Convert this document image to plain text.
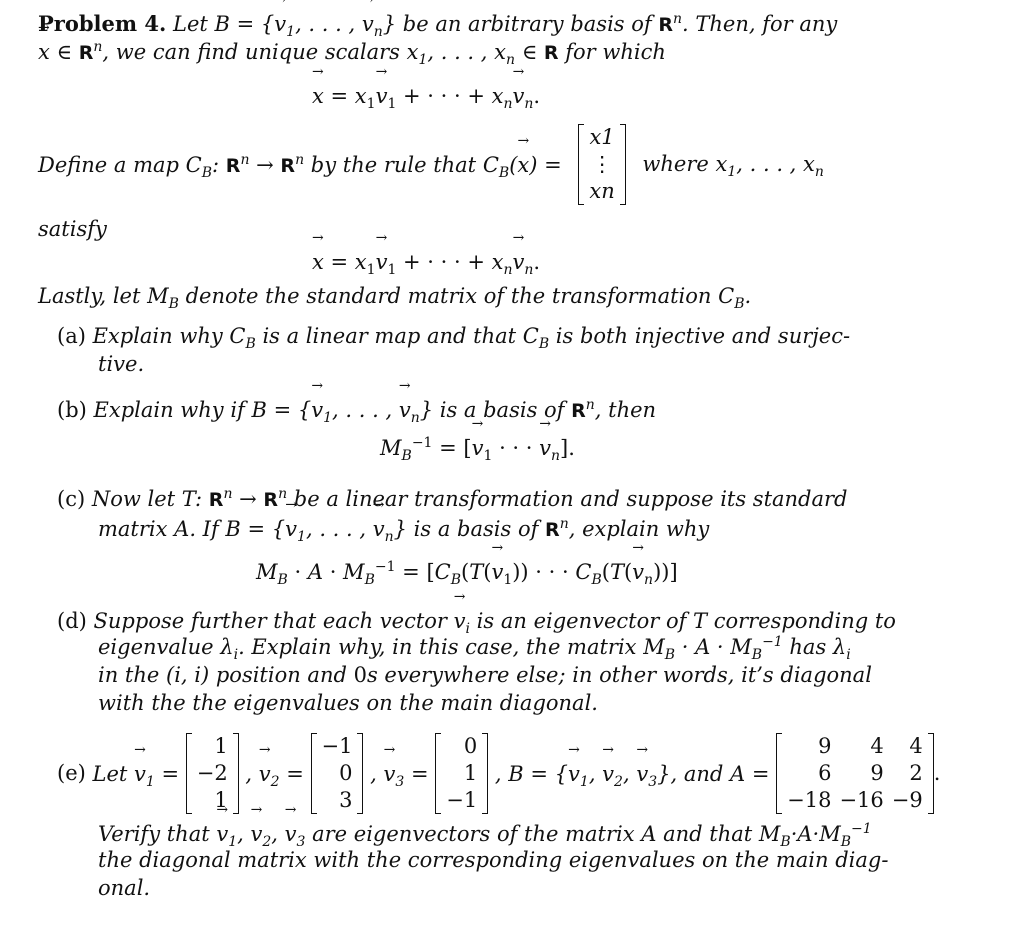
Problem 4. Let B = {→ $v_1$, . . . , → $v_n$} be an arbitrary basis of $R^n$. Then, for any
→ x ∈ $R^n$, we can find unique scalars $x_1$, . . . , $x_n$ ∈ R for which
→ $x = x_1\to v_1$ + · · · + $x_n\to v_n$.
Define a map $C_B$: $R^n \to R^n$ by the rule that $C_B(\to x)$ =
x1
⋮
xn
where $x_1$, . . . , $x_n$
satisfy
→ $x = x_1\to v_1$ + · · · + $x_n\to v_n$.
Lastly, let $M_B$ denote the standard matrix of the transformation $C_B$.
(a) Explain why $C_B$ is a linear map and that $C_B$ is both injective and surjec-
tive.
(b) Explain why if B = {→ $v_1$, . . . , → $v_n$} is a basis of $R^n$, then
$M_B^{-1}$ = [→ $v_1$ · · · → $v_n$].
(c) Now let T: $R^n \to R^n$ be a linear transformation and suppose its standard
matrix A. If B = {→ $v_1$, . . . , → $v_n$} is a basis of $R^n$, explain why
$M_B \cdot A \cdot M_B^{-1} = [C_B(T(\to v_1))$ · · · $C_B(T(\to v_n))$]
(d) Suppose further that each vector → $v_i$ is an eigenvector of T corresponding to
eigenvalue $\lambda_i$. Explain why, in this case, the matrix $M_B \cdot A \cdot M_B^{-1}$ has $\lambda_i$
in the (i, i) position and 0s everywhere else; in other words, it’s diagonal
with the the eigenvalues on the main diagonal.
(e)
Let → $v_1$ =
1
−2
1
, → $v_2$ =
−1
0
3
, → $v_3$ =
0
1
−1
, B = {→ $v_1$, → $v_2$, → $v_3$}, and A =
9	4	4
6	9	2
−18	−16	−9
.
Verify that → $v_1$, → $v_2$, → $v_3$ are eigenvectors of the matrix A and that $M_B\cdot A\cdot M_B^{-1}$
the diagonal matrix with the corresponding eigenvalues on the main diag-
onal.
